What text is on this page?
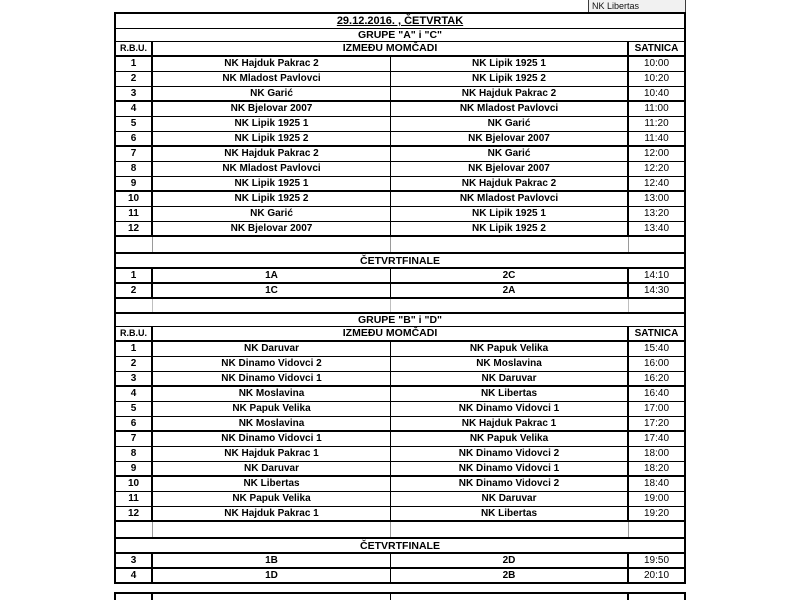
NK Libertas
29.12.2016. , ČETVRTAK
GRUPE "A" i "C"
R.B.U.	IZMEĐU MOMČADI	SATNICA
1	NK Hajduk Pakrac 2	NK Lipik 1925 1	10:00
2	NK Mladost Pavlovci	NK Lipik 1925 2	10:20
3	NK Garić	NK Hajduk Pakrac 2	10:40
4	NK Bjelovar 2007	NK Mladost Pavlovci	11:00
5	NK Lipik 1925 1	NK Garić	11:20
6	NK Lipik 1925 2	NK Bjelovar 2007	11:40
7	NK Hajduk Pakrac 2	NK Garić	12:00
8	NK Mladost Pavlovci	NK Bjelovar 2007	12:20
9	NK Lipik 1925 1	NK Hajduk Pakrac 2	12:40
10	NK Lipik 1925 2	NK Mladost Pavlovci	13:00
11	NK Garić	NK Lipik 1925 1	13:20
12	NK Bjelovar 2007	NK Lipik 1925 2	13:40
ČETVRTFINALE
1	1A	2C	14:10
2	1C	2A	14:30
GRUPE "B" i "D"
R.B.U.	IZMEĐU MOMČADI	SATNICA
1	NK Daruvar	NK Papuk Velika	15:40
2	NK Dinamo Vidovci 2	NK Moslavina	16:00
3	NK Dinamo Vidovci 1	NK Daruvar	16:20
4	NK Moslavina	NK Libertas	16:40
5	NK Papuk Velika	NK Dinamo Vidovci 1	17:00
6	NK Moslavina	NK Hajduk Pakrac 1	17:20
7	NK Dinamo Vidovci 1	NK Papuk Velika	17:40
8	NK Hajduk Pakrac 1	NK Dinamo Vidovci 2	18:00
9	NK Daruvar	NK Dinamo Vidovci 1	18:20
10	NK Libertas	NK Dinamo Vidovci 2	18:40
11	NK Papuk Velika	NK Daruvar	19:00
12	NK Hajduk Pakrac 1	NK Libertas	19:20
ČETVRTFINALE
3	1B	2D	19:50
4	1D	2B	20:10
